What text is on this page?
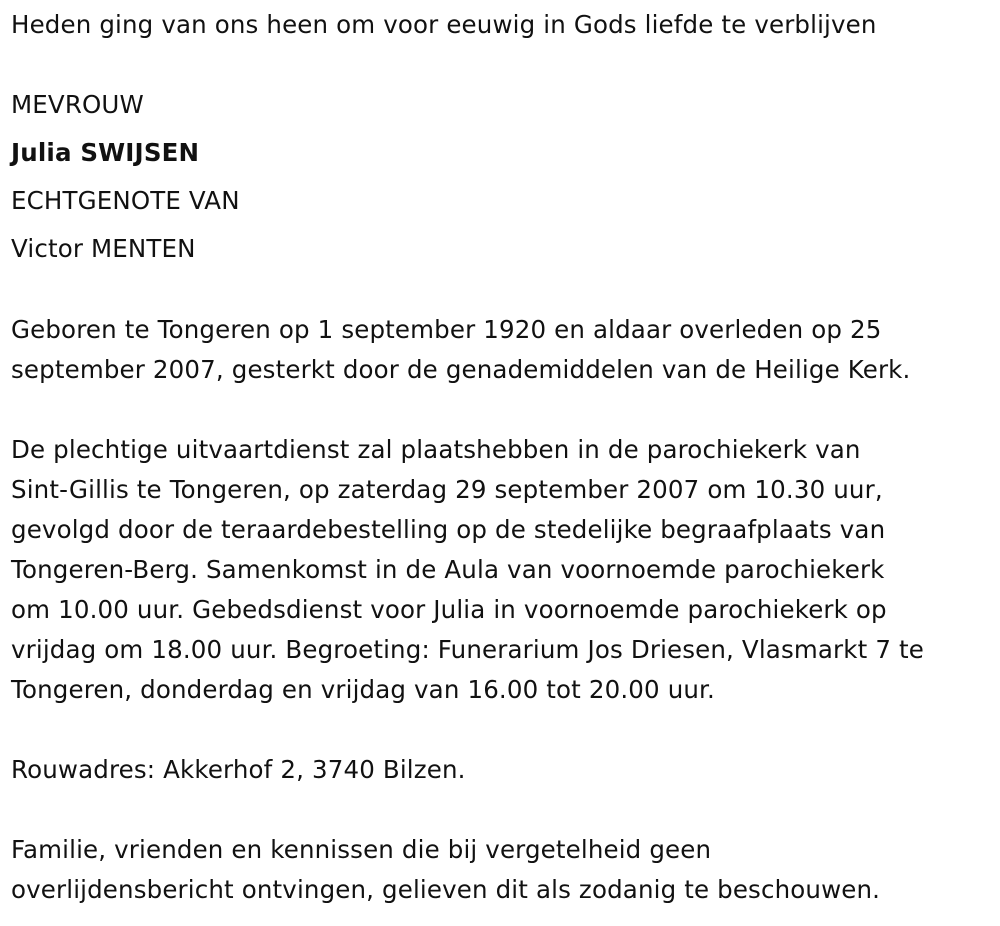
Heden ging van ons heen om voor eeuwig in Gods liefde te verblijven

MEVROUW

Julia SWIJSEN

ECHTGENOTE VAN

Victor MENTEN

Geboren te Tongeren op 1 september 1920 en aldaar overleden op 25

september 2007, gesterkt door de genademiddelen van de Heilige Kerk.

De plechtige uitvaartdienst zal plaatshebben in de parochiekerk van

Sint-Gillis te Tongeren, op zaterdag 29 september 2007 om 10.30 uur,

gevolgd door de teraardebestelling op de stedelijke begraafplaats van

Tongeren-Berg. Samenkomst in de Aula van voornoemde parochiekerk

om 10.00 uur. Gebedsdienst voor Julia in voornoemde parochiekerk op

vrijdag om 18.00 uur. Begroeting: Funerarium Jos Driesen, Vlasmarkt 7 te

Tongeren, donderdag en vrijdag van 16.00 tot 20.00 uur.

Rouwadres: Akkerhof 2, 3740 Bilzen.

Familie, vrienden en kennissen die bij vergetelheid geen

overlijdensbericht ontvingen, gelieven dit als zodanig te beschouwen.
